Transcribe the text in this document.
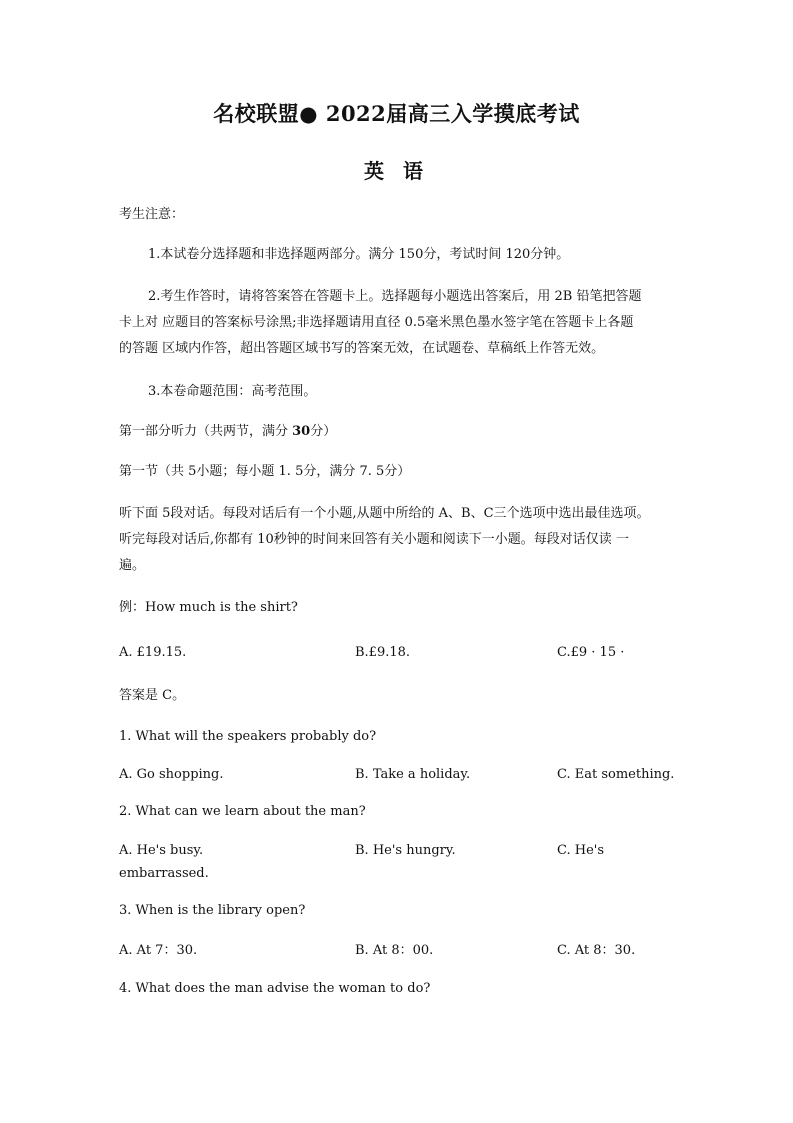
名校联盟● 2022届高三入学摸底考试
英 语
考生注意：
1.本试卷分选择题和非选择题两部分。满分 150分，考试时间 120分钟。
2.考生作答时，请将答案答在答题卡上。选择题每小题选出答案后，用 2B 铅笔把答题
卡上对 应题目的答案标号涂黑;非选择题请用直径 0.5毫米黑色墨水签字笔在答题卡上各题
的答题 区域内作答，超出答题区域书写的答案无效，在试题卷、草稿纸上作答无效。
3.本卷命题范围：高考范围。
第一部分听力（共两节，满分 30分）
第一节（共 5小题；每小题 1. 5分，满分 7. 5分）
听下面 5段对话。每段对话后有一个小题,从题中所给的 A、B、C三个选项中选出最佳选项。
听完每段对话后,你都有 10秒钟的时间来回答有关小题和阅读下一小题。每段对话仅读 一
遍。
例：How much is the shirt?
A. £19.15.	B.£9.18.	C.£9 · 15 ·
答案是 C。
1. What will the speakers probably do?
A. Go shopping.	B. Take a holiday.	C. Eat something.
2. What can we learn about the man?
A. He's busy.	B. He's hungry.	C. He's
embarrassed.
3. When is the library open?
A. At 7：30.	B. At 8：00.	C. At 8：30.
4. What does the man advise the woman to do?
